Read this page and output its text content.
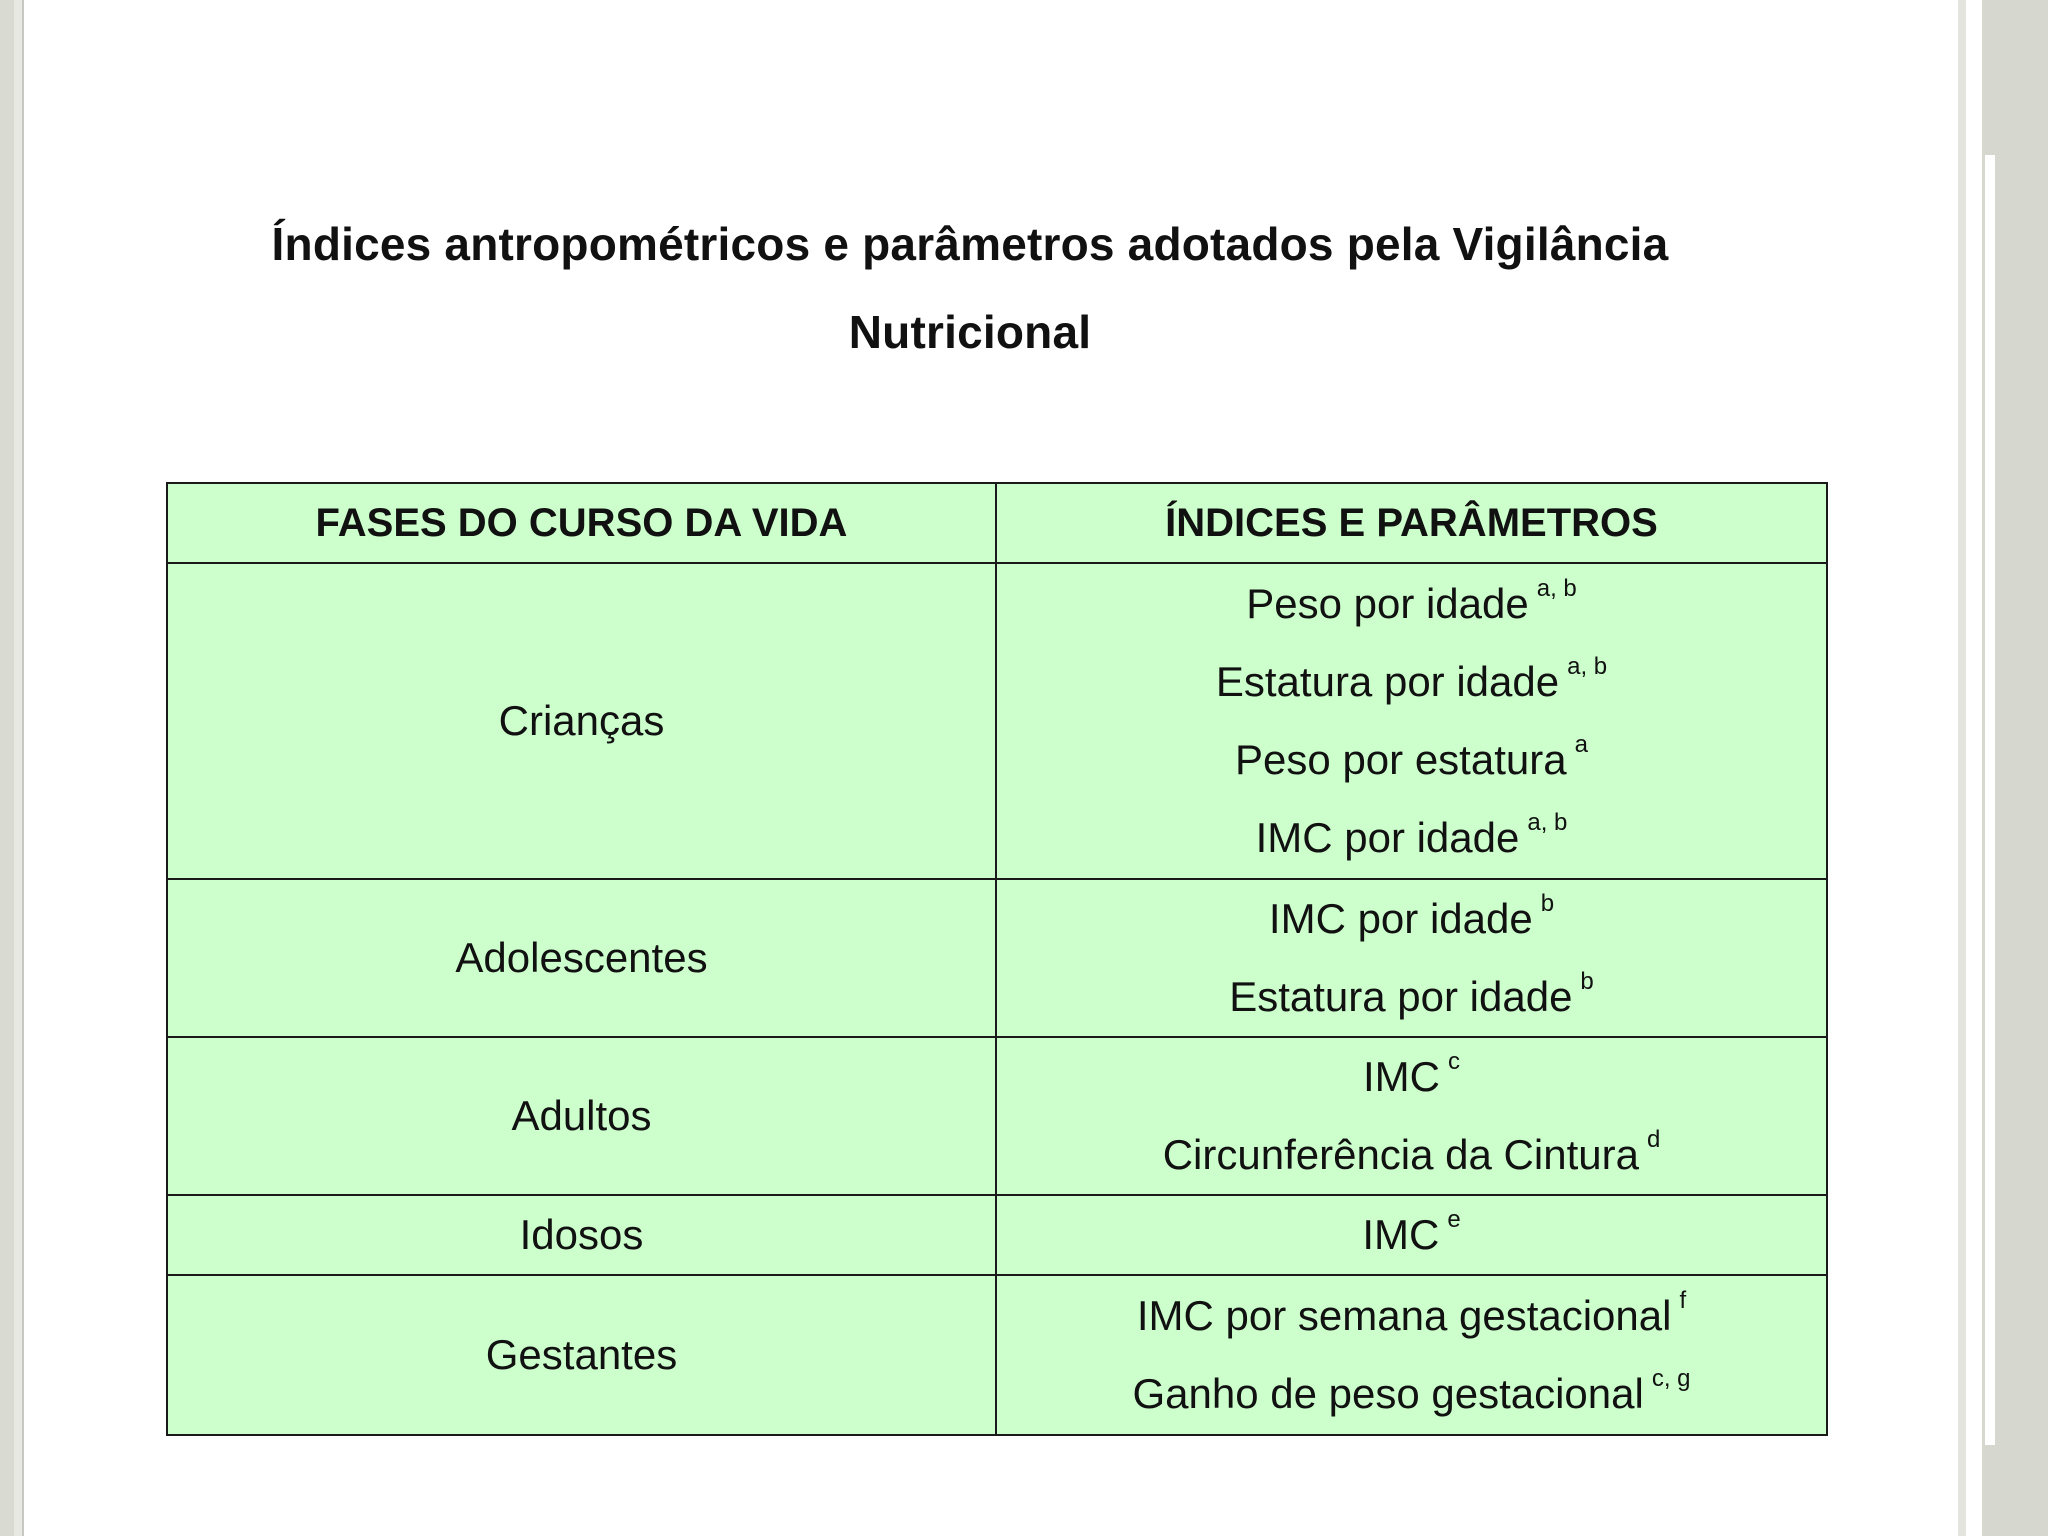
Índices antropométricos e parâmetros adotados pela Vigilância
Nutricional
FASES DO CURSO DA VIDA	ÍNDICES E PARÂMETROS
Crianças	Peso por idade $^{a, b}$
Estatura por idade $^{a, b}$
Peso por estatura $^a$
IMC por idade $^{a, b}$

Adolescentes	IMC por idade $^b$
Estatura por idade $^b$

Adultos	IMC $^c$
Circunferência da Cintura $^d$

Idosos	IMC $^e$

Gestantes	IMC por semana gestacional $^f$
Ganho de peso gestacional $^{c, g}$
